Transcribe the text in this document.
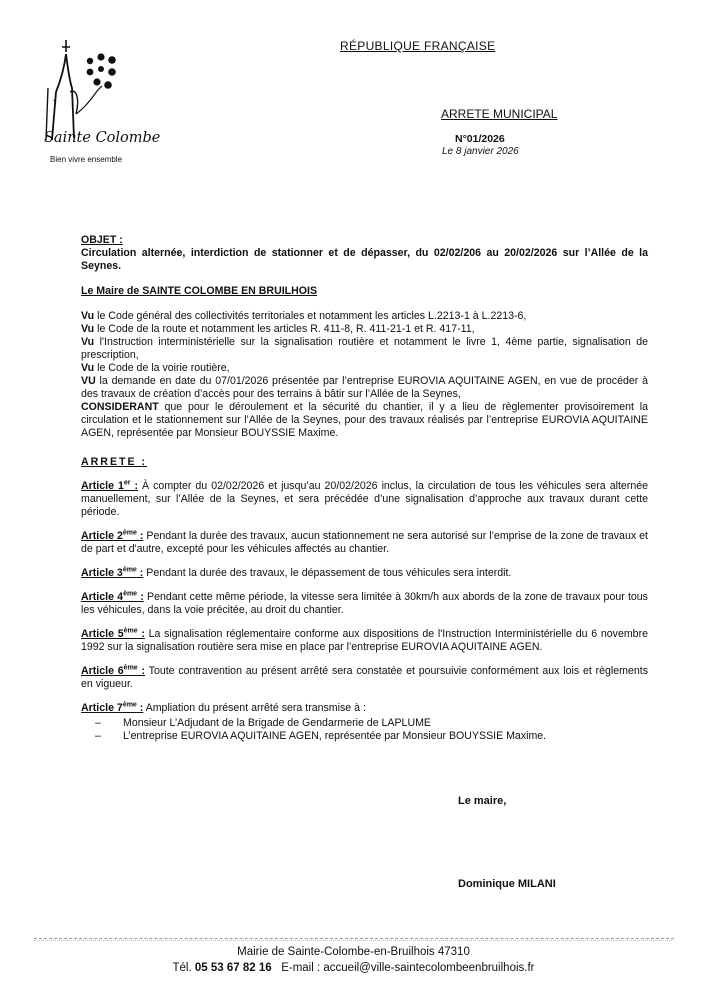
Sainte Colombe
Bien vivre ensemble
RÉPUBLIQUE FRANÇAISE
ARRETE MUNICIPAL
N°01/2026
Le 8 janvier 2026

OBJET :

Circulation alternée, interdiction de stationner et de dépasser, du 02/02/206 au 20/02/2026 sur l’Allée de la Seynes.

Le Maire de SAINTE COLOMBE EN BRUILHOIS

Vu le Code général des collectivités territoriales et notamment les articles L.2213-1 à L.2213-6,

Vu le Code de la route et notamment les articles R. 411-8, R. 411-21-1 et R. 417-11,

Vu l'Instruction interministérielle sur la signalisation routière et notamment le livre 1, 4ème partie, signalisation de prescription,

Vu le Code de la voirie routière,

VU la demande en date du 07/01/2026 présentée par l’entreprise EUROVIA AQUITAINE AGEN, en vue de procéder à des travaux de création d’accès pour des terrains à bâtir sur l’Allée de la Seynes,

CONSIDERANT que pour le déroulement et la sécurité du chantier, il y a lieu de règlementer provisoirement la circulation et le stationnement sur l’Allée de la Seynes, pour des travaux réalisés par l’entreprise EUROVIA AQUITAINE AGEN, représentée par Monsieur BOUYSSIE Maxime.

ARRETE :

Article 1er : À compter du 02/02/2026 et jusqu’au 20/02/2026 inclus, la circulation de tous les véhicules sera alternée manuellement, sur l’Allée de la Seynes, et sera précédée d’une signalisation d’approche aux travaux durant cette période.

Article 2ème : Pendant la durée des travaux, aucun stationnement ne sera autorisé sur l’emprise de la zone de travaux et de part et d'autre, excepté pour les véhicules affectés au chantier.

Article 3ème : Pendant la durée des travaux, le dépassement de tous véhicules sera interdit.

Article 4ème : Pendant cette même période, la vitesse sera limitée à 30km/h aux abords de la zone de travaux pour tous les véhicules, dans la voie précitée, au droit du chantier.

Article 5ème : La signalisation réglementaire conforme aux dispositions de l'Instruction Interministérielle du 6 novembre 1992 sur la signalisation routière sera mise en place par l’entreprise EUROVIA AQUITAINE AGEN.

Article 6ème : Toute contravention au présent arrêté sera constatée et poursuivie conformément aux lois et règlements en vigueur.

Article 7ème : Ampliation du présent arrêté sera transmise à :

– Monsieur L’Adjudant de la Brigade de Gendarmerie de LAPLUME
– L’entreprise EUROVIA AQUITAINE AGEN, représentée par Monsieur BOUYSSIE Maxime.
Le maire,
Dominique MILANI
Mairie de Sainte-Colombe-en-Bruilhois 47310
Tél. 05 53 67 82 16   E-mail : accueil@ville-saintecolombeenbruilhois.fr
